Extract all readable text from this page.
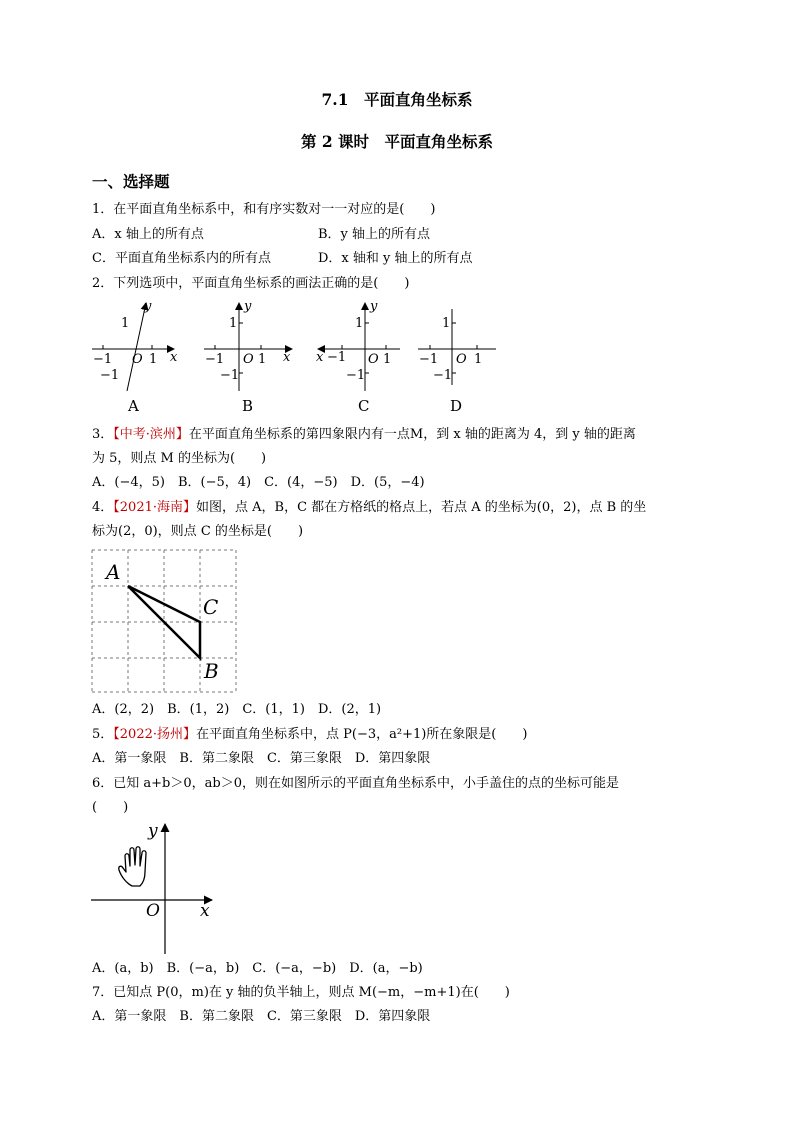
7.1　平面直角坐标系
第 2 课时　平面直角坐标系
一、选择题
1．在平面直角坐标系中，和有序实数对一一对应的是(　　)
A．x 轴上的所有点	B．y 轴上的所有点
C．平面直角坐标系内的所有点	D．x 轴和 y 轴上的所有点
2．下列选项中，平面直角坐标系的画法正确的是(　　)
y
1
−1 O 1 x
−1
A
y
1
−1 O 1 x
−1
B
y
1
x −1 O 1
−1
C
1
−1 O 1
−1
D
3．【中考·滨州】在平面直角坐标系的第四象限内有一点M，到 x 轴的距离为 4，到 y 轴的距离
为 5，则点 M 的坐标为(　　)
A．(−4，5)　B．(−5，4)　C．(4，−5)　D．(5，−4)
4．【2021·海南】如图，点 A，B，C 都在方格纸的格点上，若点 A 的坐标为(0，2)，点 B 的坐
标为(2，0)，则点 C 的坐标是(　　)
A
C
B
A．(2，2)　B．(1，2)　C．(1，1)　D．(2，1)
5．【2022·扬州】在平面直角坐标系中，点 P(−3，a²+1)所在象限是(　　)
A．第一象限　B．第二象限　C．第三象限　D．第四象限
6．已知 a+b＞0，ab＞0，则在如图所示的平面直角坐标系中，小手盖住的点的坐标可能是
(　　)
y
O x
A．(a，b)　B．(−a，b)　C．(−a，−b)　D．(a，−b)
7．已知点 P(0，m)在 y 轴的负半轴上，则点 M(−m，−m+1)在(　　)
A．第一象限　B．第二象限　C．第三象限　D．第四象限
